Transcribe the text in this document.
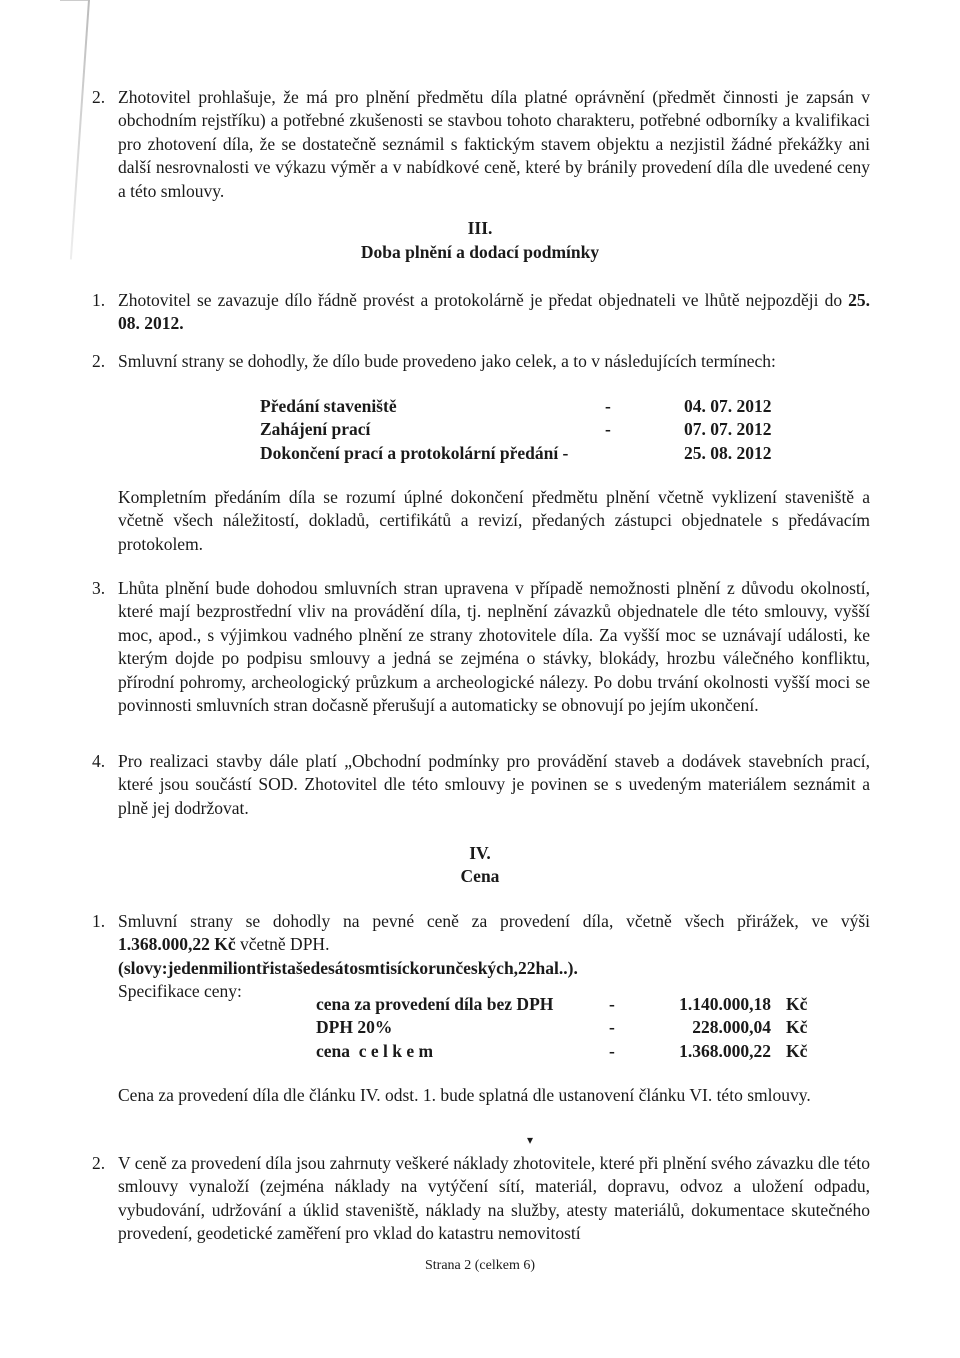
2. Zhotovitel prohlašuje, že má pro plnění předmětu díla platné oprávnění (předmět činnosti je zapsán v obchodním rejstříku) a potřebné zkušenosti se stavbou tohoto charakteru, potřebné odborníky a kvalifikaci pro zhotovení díla, že se dostatečně seznámil s faktickým stavem objektu a nezjistil žádné překážky ani další nesrovnalosti ve výkazu výměr a v nabídkové ceně, které by bránily provedení díla dle uvedené ceny a této smlouvy.
III.
Doba plnění a dodací podmínky
1. Zhotovitel se zavazuje dílo řádně provést a protokolárně je předat objednateli ve lhůtě nejpozději do 25. 08. 2012.
2. Smluvní strany se dohodly, že dílo bude provedeno jako celek, a to v následujících termínech:
Předání staveniště	-	04. 07. 2012
Zahájení prací	-	07. 07. 2012
Dokončení prací a protokolární předání -	25. 08. 2012
Kompletním předáním díla se rozumí úplné dokončení předmětu plnění včetně vyklizení staveniště a včetně všech náležitostí, dokladů, certifikátů a revizí, předaných zástupci objednatele s předávacím protokolem.
3. Lhůta plnění bude dohodou smluvních stran upravena v případě nemožnosti plnění z důvodu okolností, které mají bezprostřední vliv na provádění díla, tj. neplnění závazků objednatele dle této smlouvy, vyšší moc, apod., s výjimkou vadného plnění ze strany zhotovitele díla. Za vyšší moc se uznávají události, ke kterým dojde po podpisu smlouvy a jedná se zejména o stávky, blokády, hrozbu válečného konfliktu, přírodní pohromy, archeologický průzkum a archeologické nálezy. Po dobu trvání okolnosti vyšší moci se povinnosti smluvních stran dočasně přerušují a automaticky se obnovují po jejím ukončení.
4. Pro realizaci stavby dále platí „Obchodní podmínky pro provádění staveb a dodávek stavebních prací, které jsou součástí SOD. Zhotovitel dle této smlouvy je povinen se s uvedeným materiálem seznámit a plně jej dodržovat.
IV.
Cena
1. Smluvní strany se dohodly na pevné ceně za provedení díla, včetně všech přirážek, ve výši
1.368.000,22 Kč včetně DPH.
(slovy:jedenmiliontřistašedesátosmtisíckorunčeských,22hal..).
Specifikace ceny:
cena za provedení díla bez DPH	-	1.140.000,18 Kč
DPH 20%	-	228.000,04 Kč
cena  c e l k e m	-	1.368.000,22 Kč
Cena za provedení díla dle článku IV. odst. 1. bude splatná dle ustanovení článku VI. této smlouvy.
▾
2. V ceně za provedení díla jsou zahrnuty veškeré náklady zhotovitele, které při plnění svého závazku dle této smlouvy vynaloží (zejména náklady na vytýčení sítí, materiál, dopravu, odvoz a uložení odpadu, vybudování, udržování a úklid staveniště, náklady na služby, atesty materiálů, dokumentace skutečného provedení, geodetické zaměření pro vklad do katastru nemovitostí
Strana 2 (celkem 6)
